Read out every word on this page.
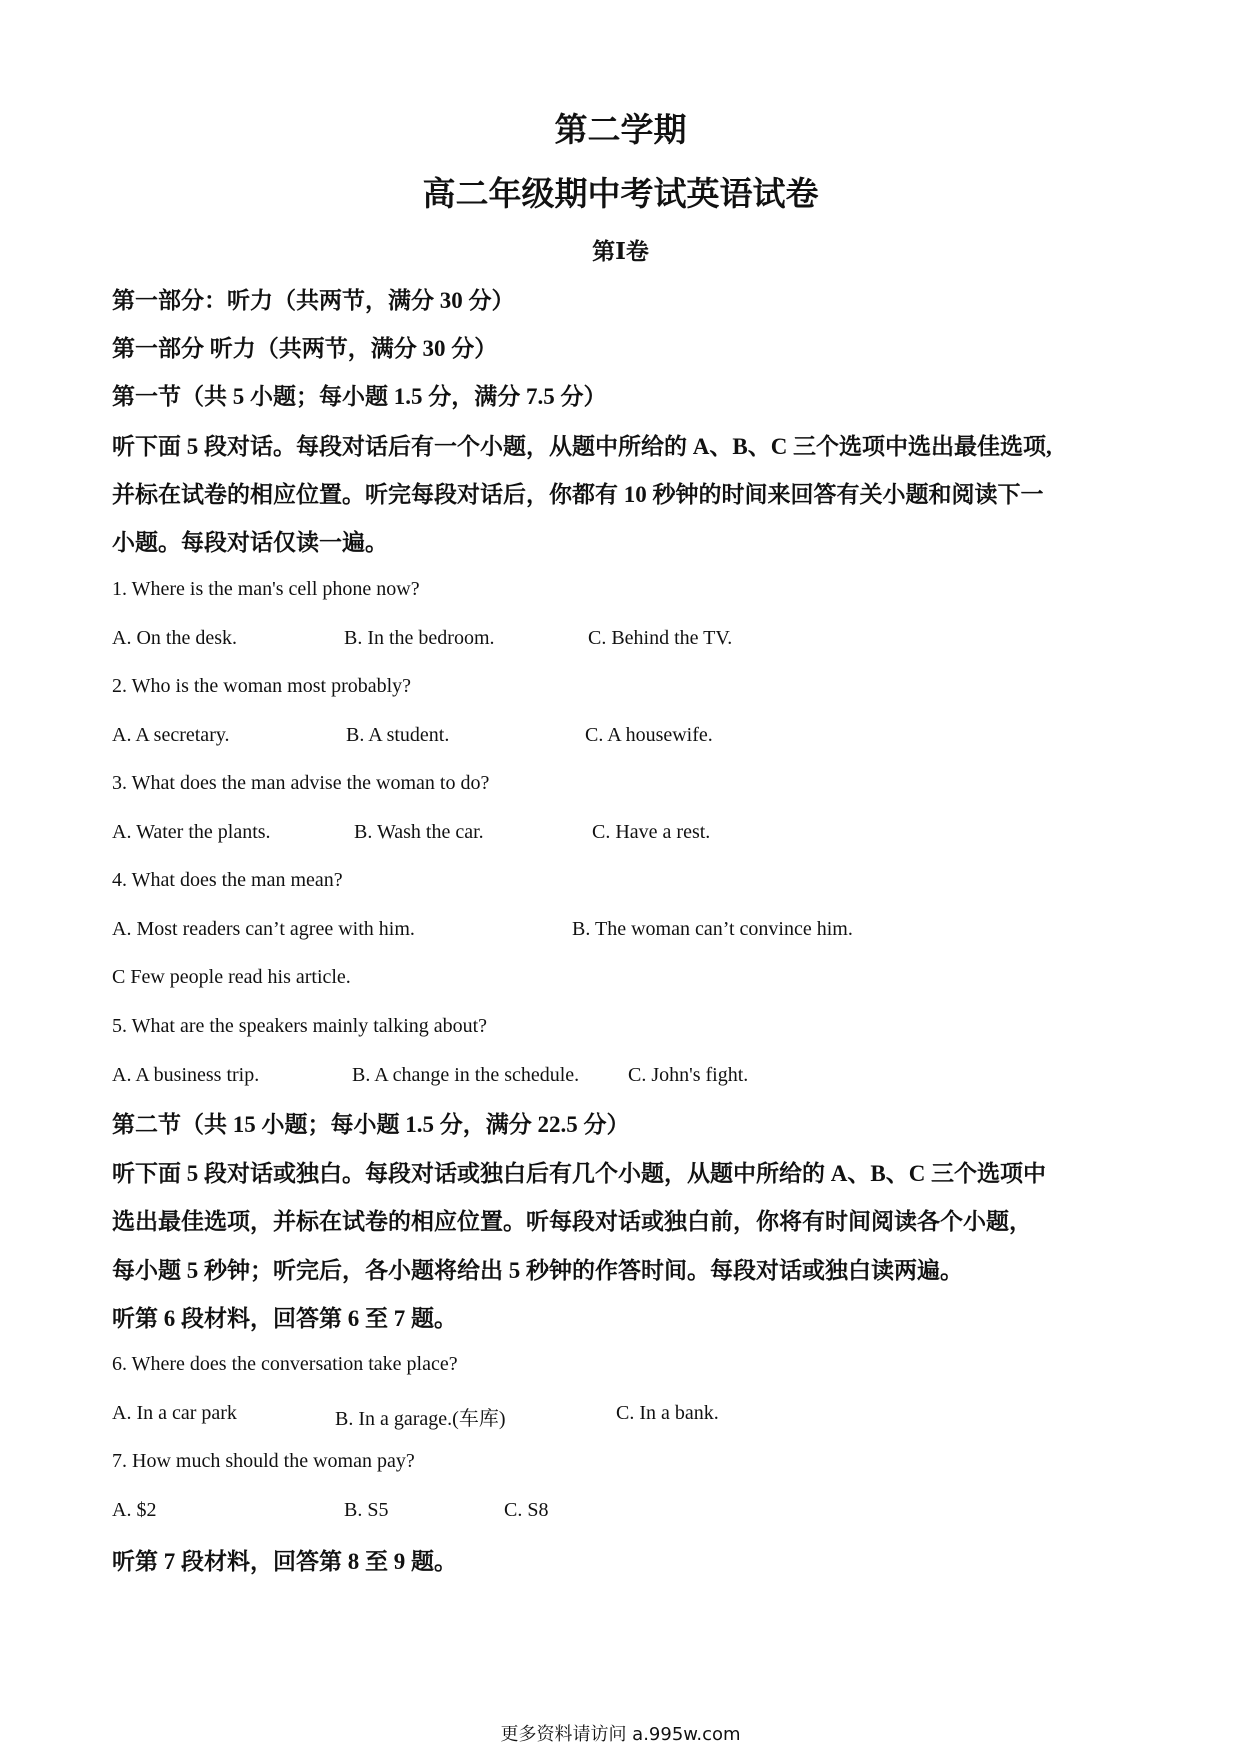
第二学期
高二年级期中考试英语试卷
第Ⅰ卷
第一部分：听力（共两节，满分 30 分）
第一部分 听力（共两节，满分 30 分）
第一节（共 5 小题；每小题 1.5 分，满分 7.5 分）
听下面 5 段对话。每段对话后有一个小题，从题中所给的 A、B、C 三个选项中选出最佳选项,
并标在试卷的相应位置。听完每段对话后，你都有 10 秒钟的时间来回答有关小题和阅读下一
小题。每段对话仅读一遍。
1. Where is the man's cell phone now?
A. On the desk.	B. In the bedroom.	C. Behind the TV.
2. Who is the woman most probably?
A. A secretary.	B. A student.	C. A housewife.
3. What does the man advise the woman to do?
A. Water the plants.	B. Wash the car.	C. Have a rest.
4. What does the man mean?
A. Most readers can’t agree with him.	B. The woman can’t convince him.
C Few people read his article.
5. What are the speakers mainly talking about?
A. A business trip.	B. A change in the schedule. C. John's fight.
第二节（共 15 小题；每小题 1.5 分，满分 22.5 分）
听下面 5 段对话或独白。每段对话或独白后有几个小题，从题中所给的 A、B、C 三个选项中
选出最佳选项，并标在试卷的相应位置。听每段对话或独白前，你将有时间阅读各个小题，
每小题 5 秒钟；听完后，各小题将给出 5 秒钟的作答时间。每段对话或独白读两遍。
听第 6 段材料，回答第 6 至 7 题。
6. Where does the conversation take place?
A. In a car park	B. In a garage.(车库)	C. In a bank.
7. How much should the woman pay?
A. $2	B. S5	C. S8
听第 7 段材料，回答第 8 至 9 题。
更多资料请访问 a.995w.com
